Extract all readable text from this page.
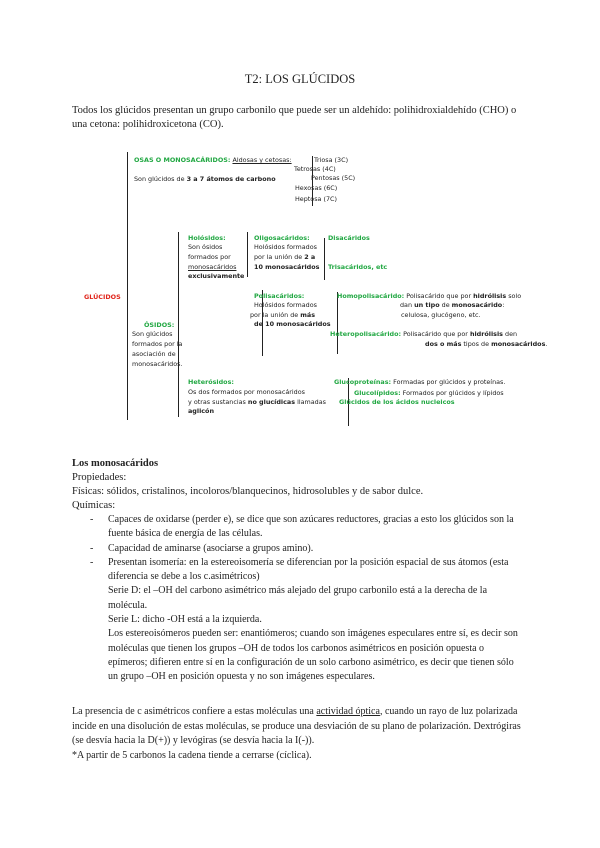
T2: LOS GLÚCIDOS
Todos los glúcidos presentan un grupo carbonilo que puede ser un aldehído: polihidroxialdehído (CHO) o una cetona: polihidroxicetona (CO).
OSAS O MONOSACÁRIDOS: Aldosas y cetosas:
Son glúcidos de 3 a 7 átomos de carbono
Triosa (3C)
Tetrosas (4C)
Pentosas (5C)
Hexosas (6C)
Heptosa (7C)
GLÚCIDOS
Holósidos:
Son ósidos
formados por
monosacáridos
exclusivamente
Oligosacáridos:
Holósidos formados
por la unión de 2 a
10 monosacáridos
Disacáridos
Trisacáridos, etc
Polisacáridos:
Holósidos formados
por la unión de más
de 10 monosacáridos
Homopolisacárido: Polisacárido que por hidrólisis solo
dan un tipo de monosacárido:
celulosa, glucógeno, etc.
Heteropolisacárido: Polisacárido que por hidrólisis den
dos o más tipos de monosacáridos.
ÓSIDOS:
Son glúcidos
formados por la
asociación de
monosacáridos.
Heterósidos:
Os dos formados por monosacáridos
y otras sustancias no glucídicas llamadas
aglicón
Glucoproteínas: Formadas por glúcidos y proteínas.
Glucolípidos: Formados por glúcidos y lípidos
Glúcidos de los ácidos nucleicos
Los monosacáridos
Propiedades:
Físicas: sólidos, cristalinos, incoloros/blanquecinos, hidrosolubles y de sabor dulce.
Químicas:
- Capaces de oxidarse (perder e), se dice que son azúcares reductores, gracias a esto los glúcidos son la fuente básica de energía de las células.
- Capacidad de aminarse (asociarse a grupos amino).
- Presentan isomería: en la estereoisomería se diferencian por la posición espacial de sus átomos (esta diferencia se debe a los c.asimétricos)
Serie D: el –OH del carbono asimétrico más alejado del grupo carbonilo está a la derecha de la molécula.
Serie L: dicho -OH está a la izquierda.
Los estereoisómeros pueden ser: enantiómeros; cuando son imágenes especulares entre sí, es decir son moléculas que tienen los grupos –OH de todos los carbonos asimétricos en posición opuesta o epímeros; difieren entre sí en la configuración de un solo carbono asimétrico, es decir que tienen sólo un grupo –OH en posición opuesta y no son imágenes especulares.
La presencia de c asimétricos confiere a estas moléculas una actividad óptica, cuando un rayo de luz polarizada incide en una disolución de estas moléculas, se produce una desviación de su plano de polarización. Dextrógiras (se desvía hacia la D(+)) y levógiras (se desvía hacia la I(-)).
*A partir de 5 carbonos la cadena tiende a cerrarse (cíclica).
